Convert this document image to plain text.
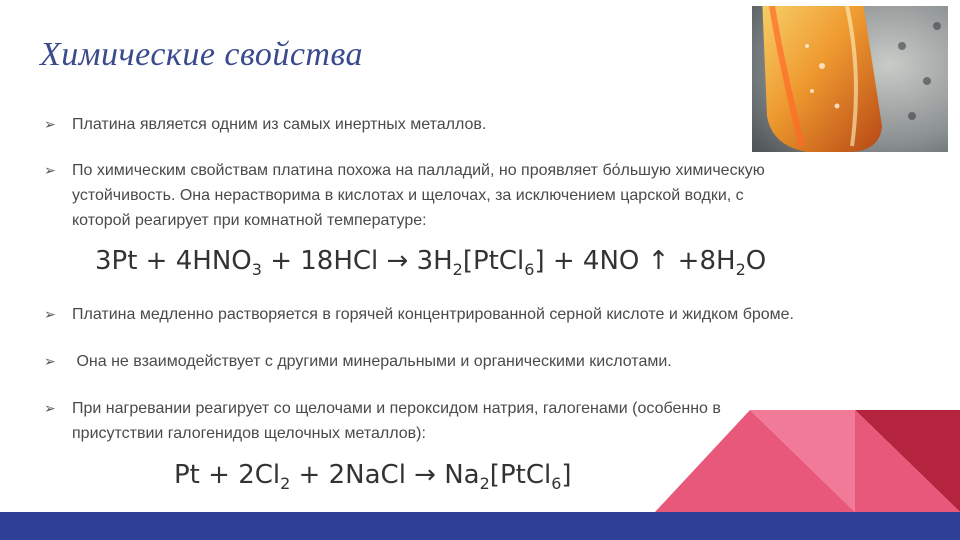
Химические свойства
➢ Платина является одним из самых инертных металлов.
➢ По химическим свойствам платина похожа на палладий, но проявляет бо́льшую химическую
устойчивость. Она нерастворима в кислотах и щелочах, за исключением царской водки, с
которой реагирует при комнатной температуре:
➢ Платина медленно растворяется в горячей концентрированной серной кислоте и жидком броме.
➢ Она не взаимодействует с другими минеральными и органическими кислотами.
➢ При нагревании реагирует со щелочами и пероксидом натрия, галогенами (особенно в
присутствии галогенидов щелочных металлов):
$3Pt + 4HNO_3 + 18HCl$ → $3H_2[PtCl_6] + 4NO$ ↑ $+8H_2O$
$Pt + 2Cl_2$ + 2NaCl → $Na_2[PtCl_6]$
